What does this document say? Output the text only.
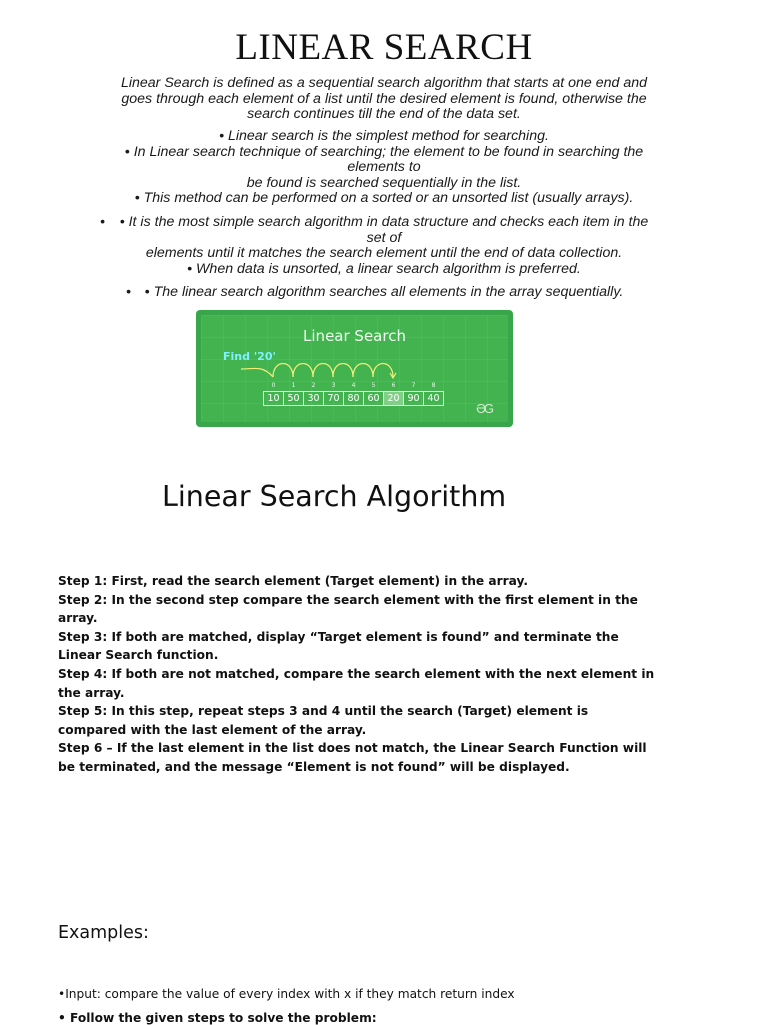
LINEAR SEARCH
Linear Search is defined as a sequential search algorithm that starts at one end and
goes through each element of a list until the desired element is found, otherwise the
search continues till the end of the data set.
• Linear search is the simplest method for searching.
• In Linear search technique of searching; the element to be found in searching the
elements to
be found is searched sequentially in the list.
• This method can be performed on a sorted or an unsorted list (usually arrays).
•	• It is the most simple search algorithm in data structure and checks each item in the
set of
elements until it matches the search element until the end of data collection.
• When data is unsorted, a linear search algorithm is preferred.
• • The linear search algorithm searches all elements in the array sequentially.
Linear Search
Find '20'
0	1	2	3	4	5	6	7	8
10 50 30 70 80 60 20 90 40
ƏG
Linear Search Algorithm

Step 1: First, read the search element (Target element) in the array.

Step 2: In the second step compare the search element with the first element in the array.

Step 3: If both are matched, display “Target element is found” and terminate the Linear Search function.

Step 4: If both are not matched, compare the search element with the next element in the array.

Step 5: In this step, repeat steps 3 and 4 until the search (Target) element is compared with the last element of the array.

Step 6 – If the last element in the list does not match, the Linear Search Function will be terminated, and the message “Element is not found” will be displayed.

Examples:
•Input: compare the value of every index with x if they match return index
• Follow the given steps to solve the problem:
